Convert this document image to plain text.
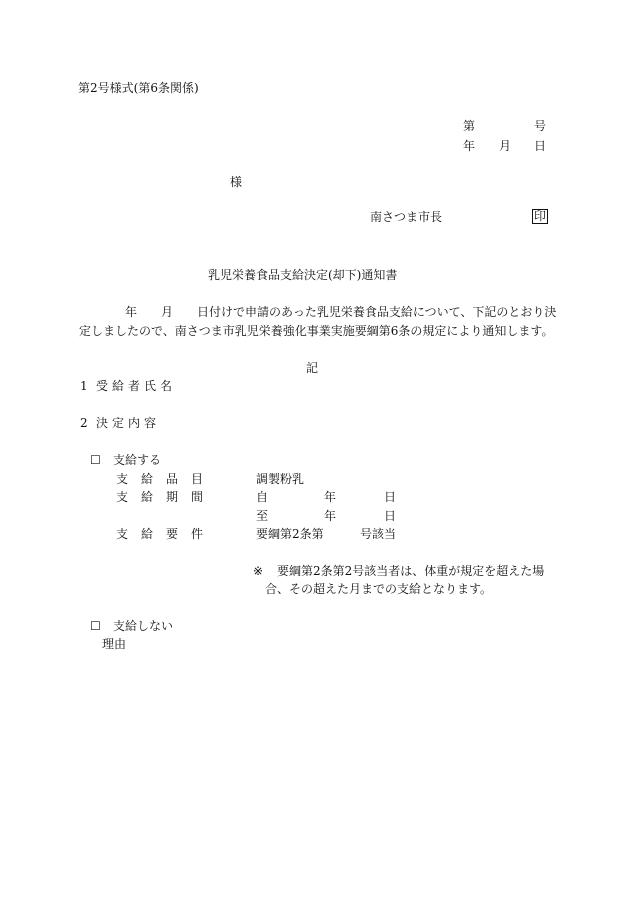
第2号様式(第6条関係)
第	号
年 月 日
様
南さつま市長	印
乳児栄養食品支給決定(却下)通知書
年 月 日付けで申請のあった乳児栄養食品支給について、下記のとおり決
定しましたので、南さつま市乳児栄養強化事業実施要綱第6条の規定により通知します。
記
1 受給者氏名
2 決定内容
☐ 支給する
支給品目	調製粉乳
支給期間	自	年	日
至	年	日
支給要件	要綱第2条第	号該当
※ 要綱第2条第2号該当者は、体重が規定を超えた場
合、その超えた月までの支給となります。
☐ 支給しない
理由
